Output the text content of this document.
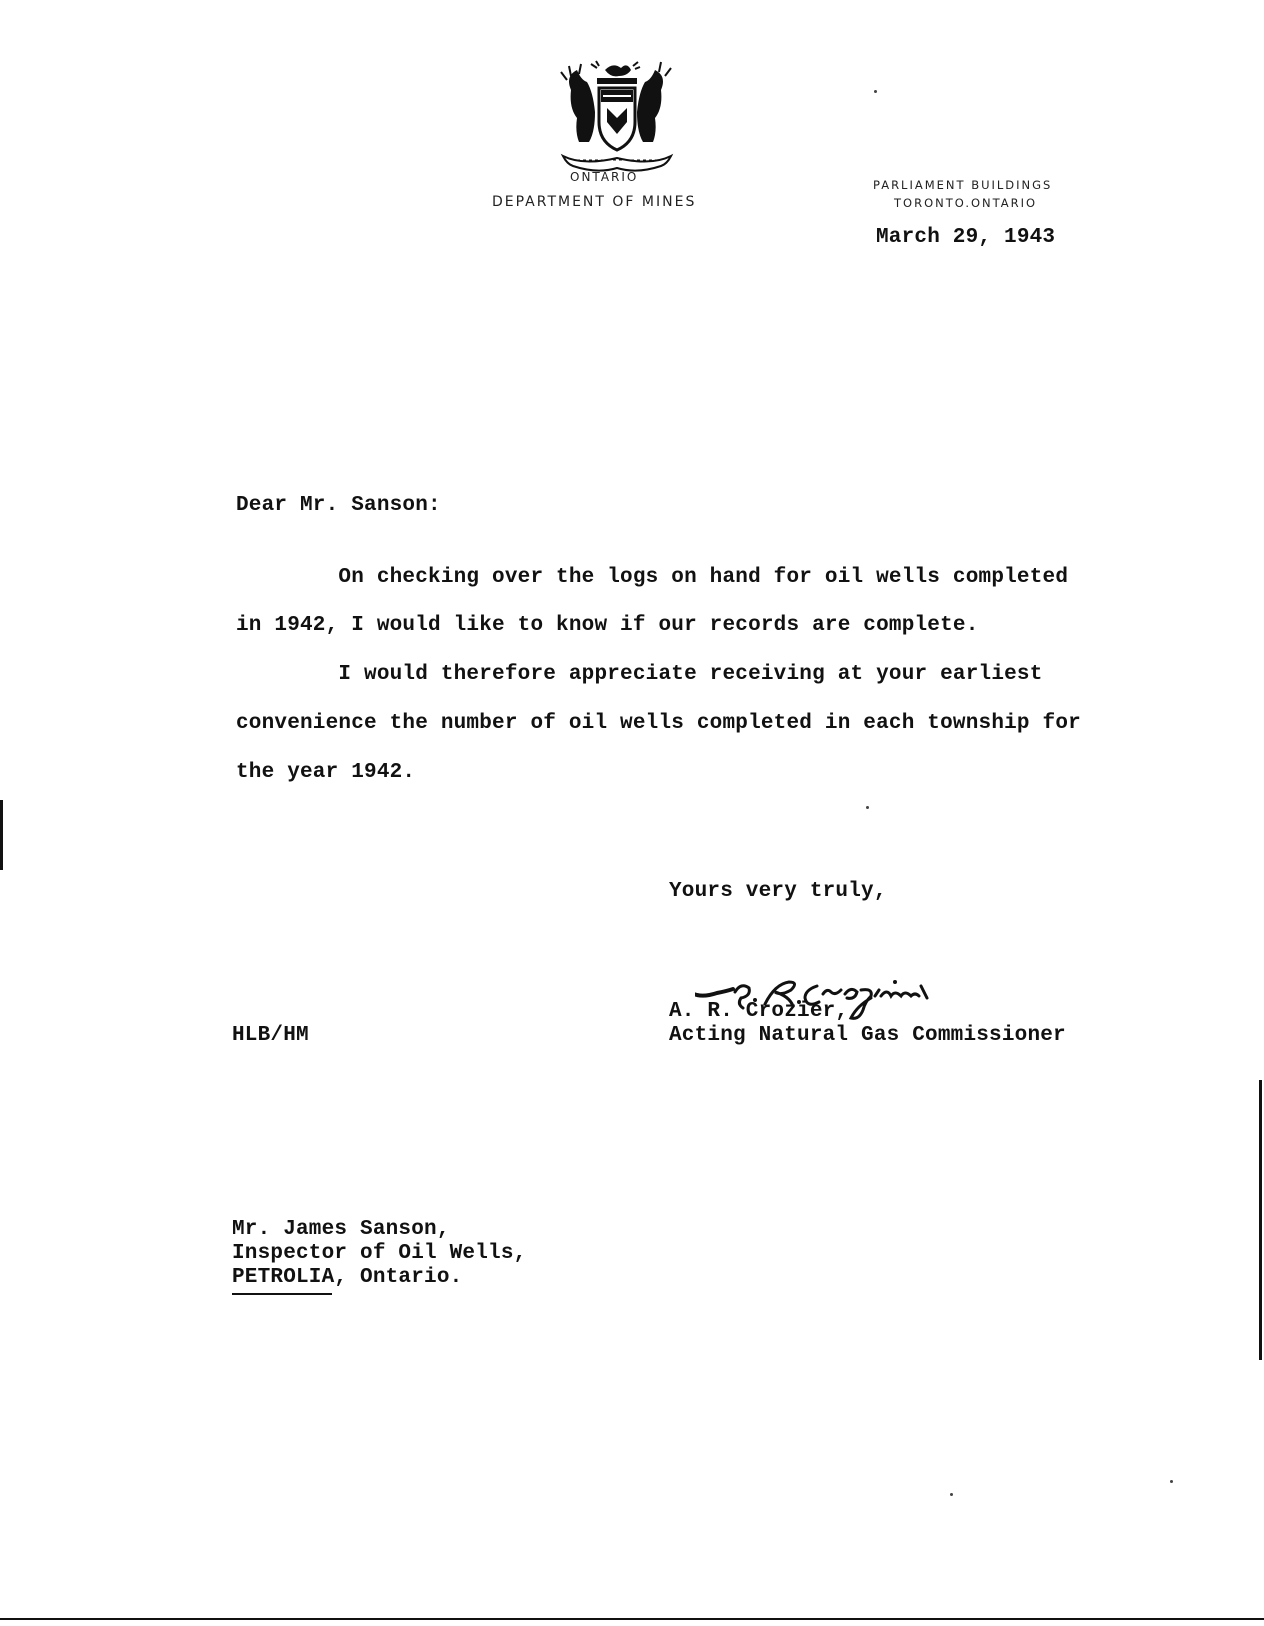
ONTARIO
DEPARTMENT OF MINES
PARLIAMENT BUILDINGS
TORONTO.ONTARIO
March 29, 1943
Dear Mr. Sanson:
On checking over the logs on hand for oil wells completed
in 1942, I would like to know if our records are complete.
I would therefore appreciate receiving at your earliest
convenience the number of oil wells completed in each township for
the year 1942.
Yours very truly,
A. R. Crozier,
Acting Natural Gas Commissioner
HLB/HM
Mr. James Sanson,
Inspector of Oil Wells,
PETROLIA, Ontario.
